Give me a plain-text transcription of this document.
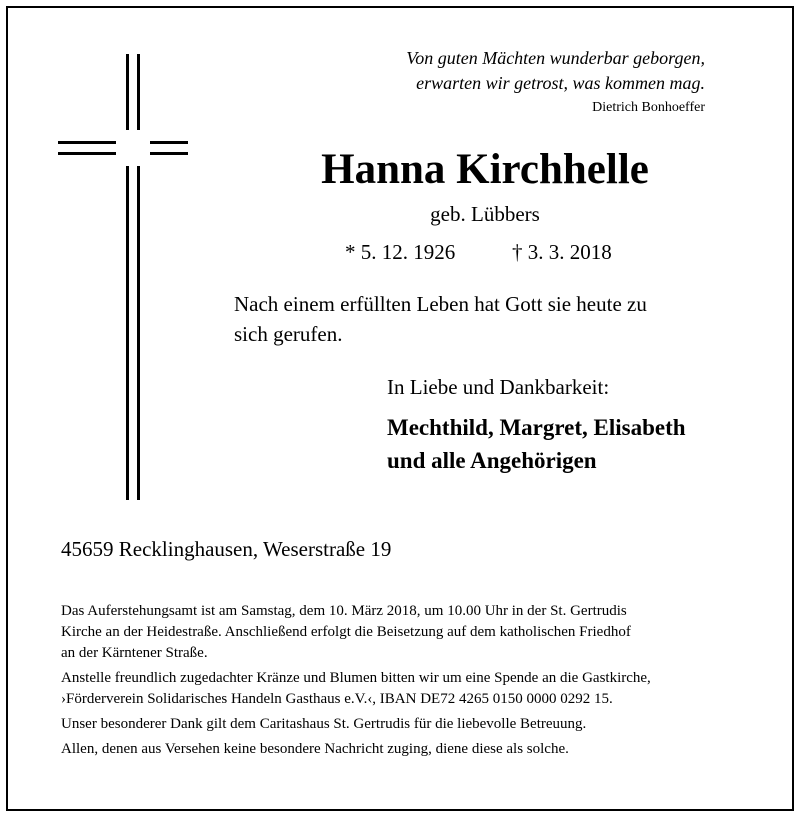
Von guten Mächten wunderbar geborgen,
erwarten wir getrost, was kommen mag.
Dietrich Bonhoeffer
Hanna Kirchhelle
geb. Lübbers
* 5. 12. 1926	† 3. 3. 2018
Nach einem erfüllten Leben hat Gott sie heute zu
sich gerufen.
In Liebe und Dankbarkeit:
Mechthild, Margret, Elisabeth
und alle Angehörigen
45659 Recklinghausen, Weserstraße 19

Das Auferstehungsamt ist am Samstag, dem 10. März 2018, um 10.00 Uhr in der St. Gertrudis

Kirche an der Heidestraße. Anschließend erfolgt die Beisetzung auf dem katholischen Friedhof

an der Kärntener Straße.

Anstelle freundlich zugedachter Kränze und Blumen bitten wir um eine Spende an die Gastkirche,

›Förderverein Solidarisches Handeln Gasthaus e.V.‹, IBAN DE72 4265 0150 0000 0292 15.

Unser besonderer Dank gilt dem Caritashaus St. Gertrudis für die liebevolle Betreuung.

Allen, denen aus Versehen keine besondere Nachricht zuging, diene diese als solche.
